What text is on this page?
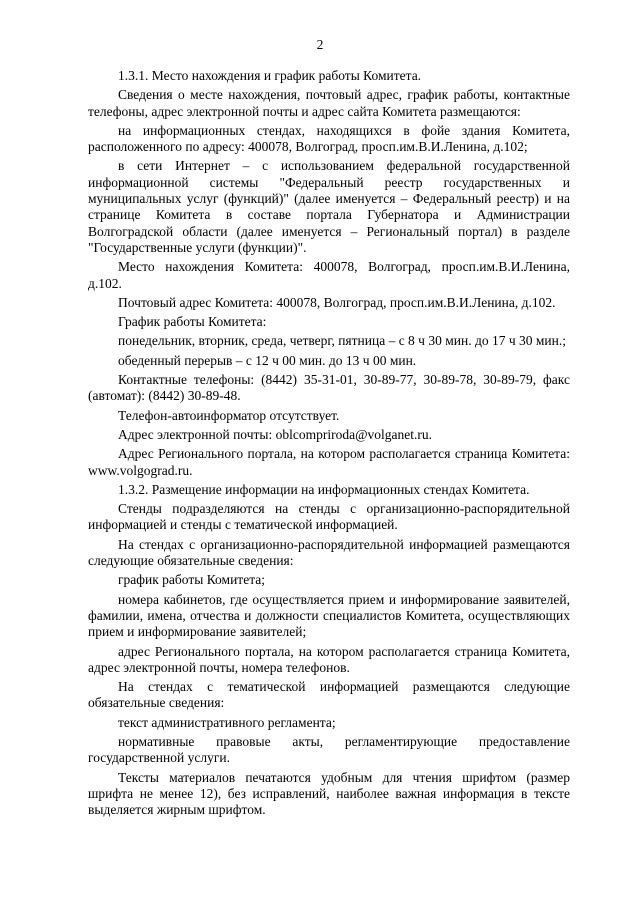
2

1.3.1. Место нахождения и график работы Комитета.

Сведения о месте нахождения, почтовый адрес, график работы, контактные телефоны, адрес электронной почты и адрес сайта Комитета размещаются:

на информационных стендах, находящихся в фойе здания Комитета, расположенного по адресу: 400078, Волгоград, просп.им.В.И.Ленина, д.102;

в сети Интернет – с использованием федеральной государственной информационной системы "Федеральный реестр государственных и муниципальных услуг (функций)" (далее именуется – Федеральный реестр) и на странице Комитета в составе портала Губернатора и Администрации Волгоградской области (далее именуется – Региональный портал) в разделе "Государственные услуги (функции)".

Место нахождения Комитета: 400078, Волгоград, просп.им.В.И.Ленина, д.102.

Почтовый адрес Комитета: 400078, Волгоград, просп.им.В.И.Ленина, д.102.

График работы Комитета:

понедельник, вторник, среда, четверг, пятница – с 8 ч 30 мин. до 17 ч 30 мин.;

обеденный перерыв – с 12 ч 00 мин. до 13 ч 00 мин.

Контактные телефоны: (8442) 35-31-01, 30-89-77, 30-89-78, 30-89-79, факс (автомат): (8442) 30-89-48.

Телефон-автоинформатор отсутствует.

Адрес электронной почты: oblcomprіroda@volganet.ru.

Адрес Регионального портала, на котором располагается страница Комитета: www.volgograd.ru.

1.3.2. Размещение информации на информационных стендах Комитета.

Стенды подразделяются на стенды с организационно-распорядительной информацией и стенды с тематической информацией.

На стендах с организационно-распорядительной информацией размещаются следующие обязательные сведения:

график работы Комитета;

номера кабинетов, где осуществляется прием и информирование заявителей, фамилии, имена, отчества и должности специалистов Комитета, осуществляющих прием и информирование заявителей;

адрес Регионального портала, на котором располагается страница Комитета, адрес электронной почты, номера телефонов.

На стендах с тематической информацией размещаются следующие обязательные сведения:

текст административного регламента;

нормативные правовые акты, регламентирующие предоставление государственной услуги.

Тексты материалов печатаются удобным для чтения шрифтом (размер шрифта не менее 12), без исправлений, наиболее важная информация в тексте выделяется жирным шрифтом.
